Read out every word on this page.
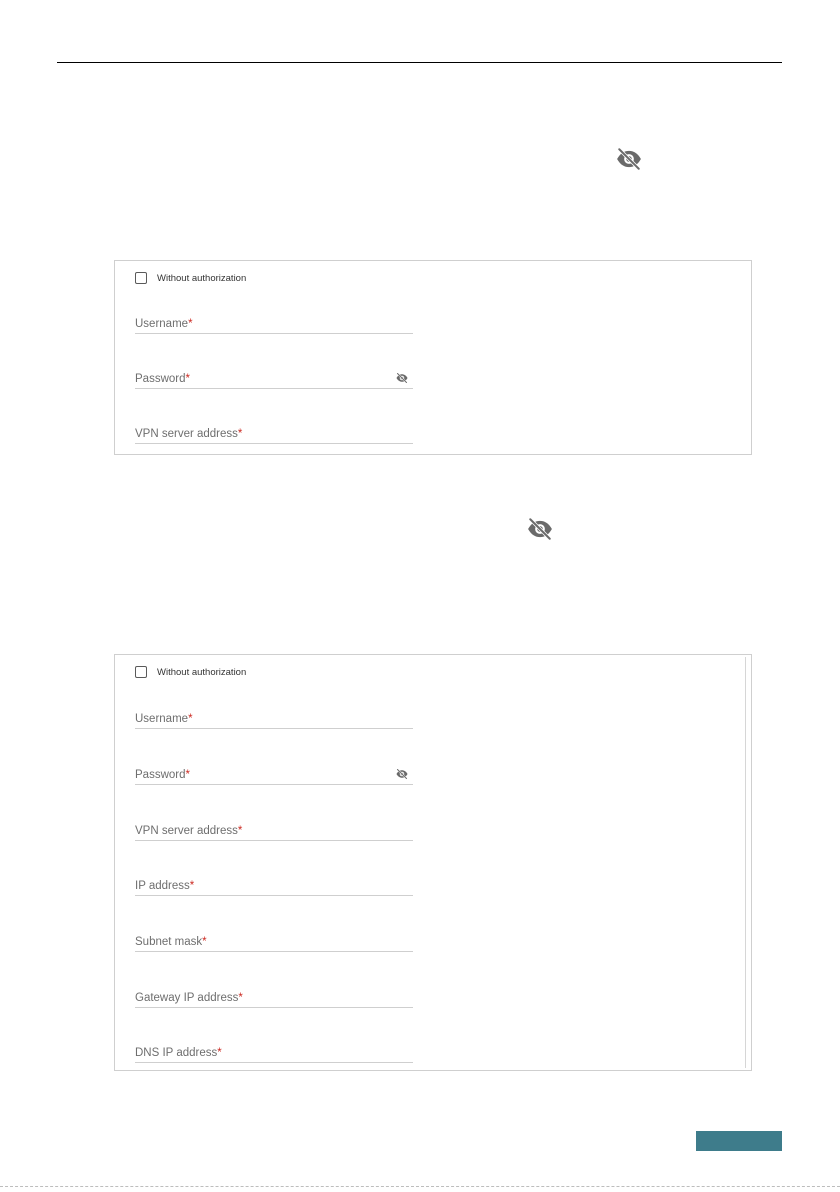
Without authorization
Username*
Password*
VPN server address*
Without authorization
Username*
Password*
VPN server address*
IP address*
Subnet mask*
Gateway IP address*
DNS IP address*
